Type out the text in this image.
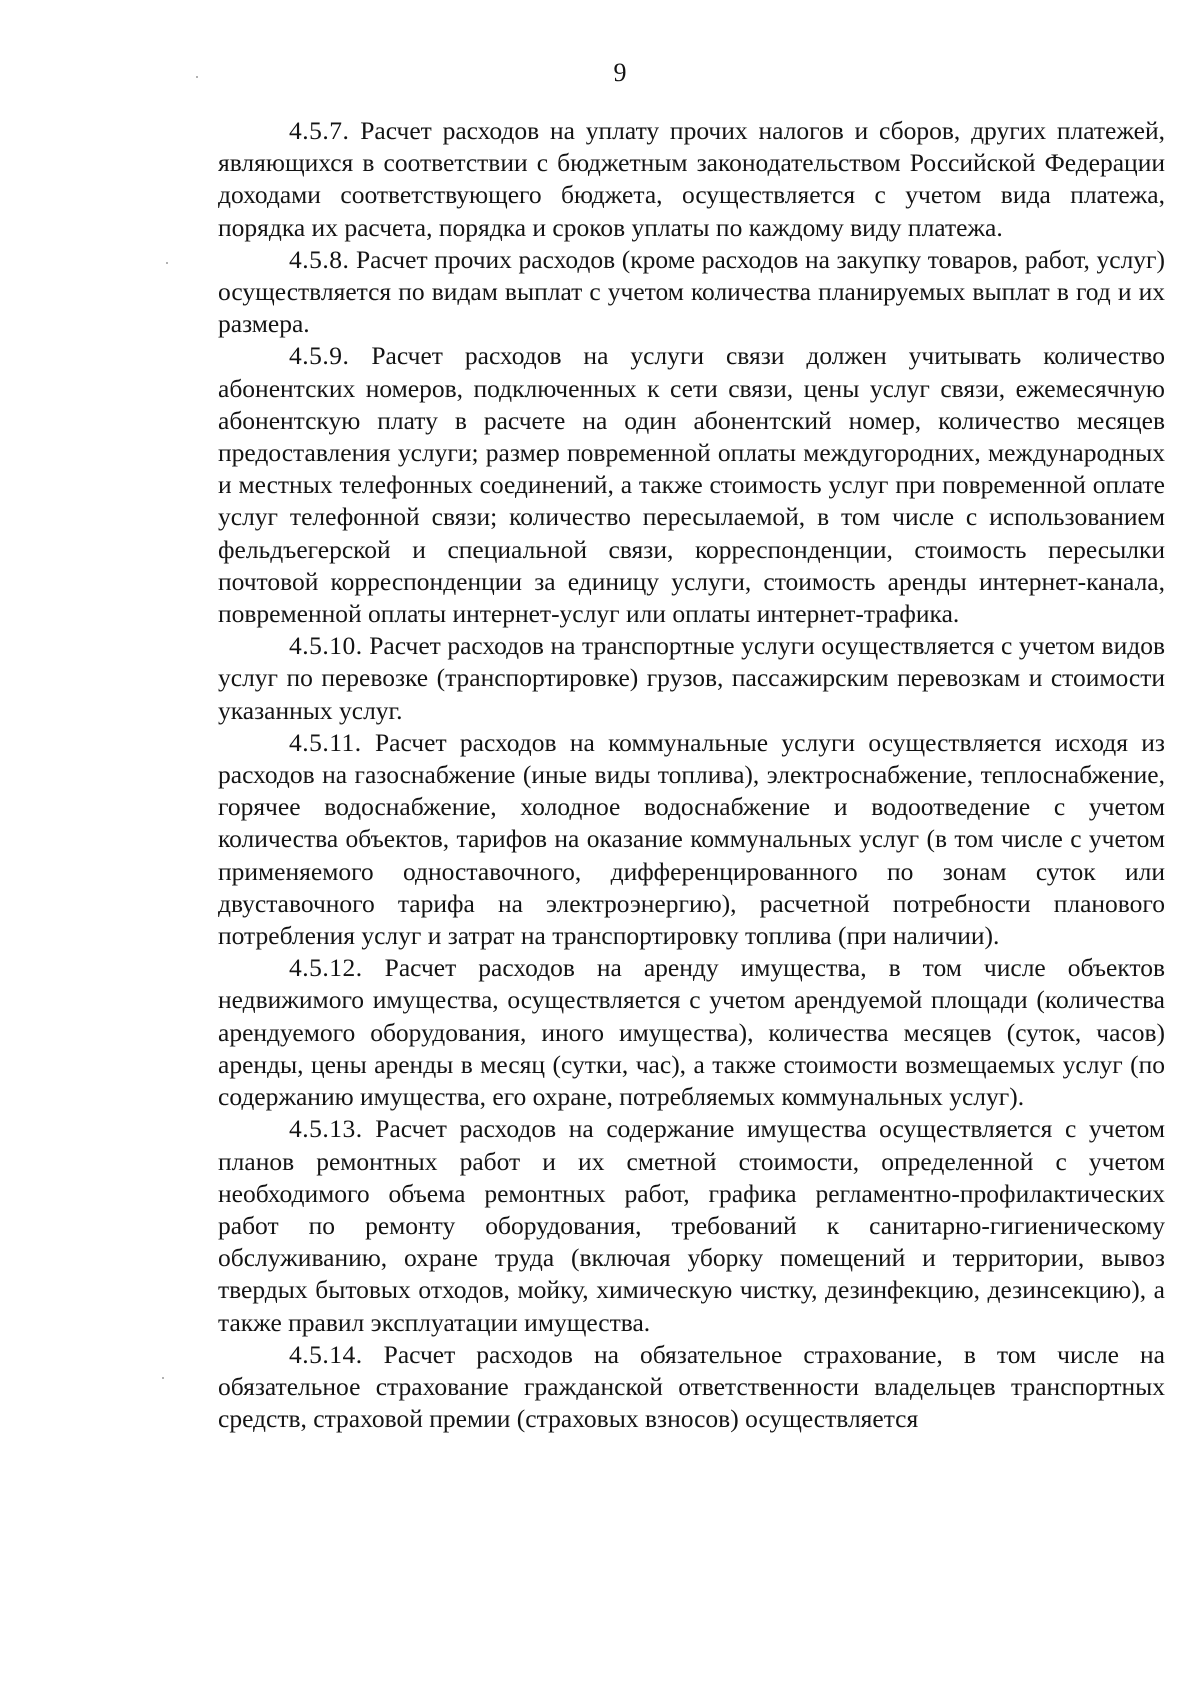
9

4.5.7. Расчет расходов на уплату прочих налогов и сборов, других платежей, являющихся в соответствии с бюджетным законодательством Российской Федерации доходами соответствующего бюджета, осуществляется с учетом вида платежа, порядка их расчета, порядка и сроков уплаты по каждому виду платежа.

4.5.8. Расчет прочих расходов (кроме расходов на закупку товаров, работ, услуг) осуществляется по видам выплат с учетом количества планируемых выплат в год и их размера.

4.5.9. Расчет расходов на услуги связи должен учитывать количество абонентских номеров, подключенных к сети связи, цены услуг связи, ежемесячную абонентскую плату в расчете на один абонентский номер, количество месяцев предоставления услуги; размер повременной оплаты междугородних, международных и местных телефонных соединений, а также стоимость услуг при повременной оплате услуг телефонной связи; количество пересылаемой, в том числе с использованием фельдъегерской и специальной связи, корреспонденции, стоимость пересылки почтовой корреспонденции за единицу услуги, стоимость аренды интернет-канала, повременной оплаты интернет-услуг или оплаты интернет-трафика.

4.5.10. Расчет расходов на транспортные услуги осуществляется с учетом видов услуг по перевозке (транспортировке) грузов, пассажирским перевозкам и стоимости указанных услуг.

4.5.11. Расчет расходов на коммунальные услуги осуществляется исходя из расходов на газоснабжение (иные виды топлива), электроснабжение, теплоснабжение, горячее водоснабжение, холодное водоснабжение и водоотведение с учетом количества объектов, тарифов на оказание коммунальных услуг (в том числе с учетом применяемого одноставочного, дифференцированного по зонам суток или двуставочного тарифа на электроэнергию), расчетной потребности планового потребления услуг и затрат на транспортировку топлива (при наличии).

4.5.12. Расчет расходов на аренду имущества, в том числе объектов недвижимого имущества, осуществляется с учетом арендуемой площади (количества арендуемого оборудования, иного имущества), количества месяцев (суток, часов) аренды, цены аренды в месяц (сутки, час), а также стоимости возмещаемых услуг (по содержанию имущества, его охране, потребляемых коммунальных услуг).

4.5.13. Расчет расходов на содержание имущества осуществляется с учетом планов ремонтных работ и их сметной стоимости, определенной с учетом необходимого объема ремонтных работ, графика регламентно-профилактических работ по ремонту оборудования, требований к санитарно-гигиеническому обслуживанию, охране труда (включая уборку помещений и территории, вывоз твердых бытовых отходов, мойку, химическую чистку, дезинфекцию, дезинсекцию), а также правил эксплуатации имущества.

4.5.14. Расчет расходов на обязательное страхование, в том числе на обязательное страхование гражданской ответственности владельцев транспортных средств, страховой премии (страховых взносов) осуществляется
